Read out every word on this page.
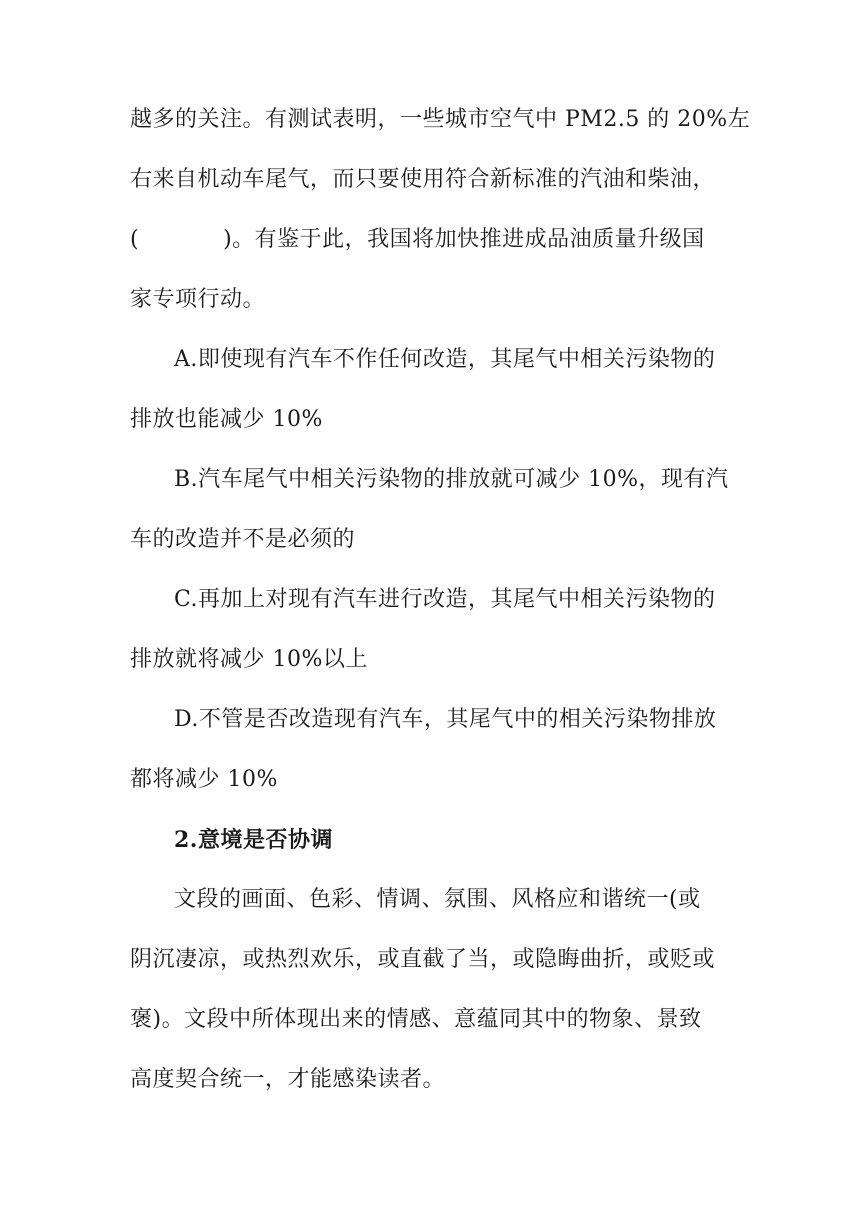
越多的关注。有测试表明，一些城市空气中 PM2.5 的 20%左
右来自机动车尾气，而只要使用符合新标准的汽油和柴油，
(	)。有鉴于此，我国将加快推进成品油质量升级国
家专项行动。
A.即使现有汽车不作任何改造，其尾气中相关污染物的
排放也能减少 10%
B.汽车尾气中相关污染物的排放就可减少 10%，现有汽
车的改造并不是必须的
C.再加上对现有汽车进行改造，其尾气中相关污染物的
排放就将减少 10%以上
D.不管是否改造现有汽车，其尾气中的相关污染物排放
都将减少 10%
2.意境是否协调
文段的画面、色彩、情调、氛围、风格应和谐统一(或
阴沉凄凉，或热烈欢乐，或直截了当，或隐晦曲折，或贬或
褒)。文段中所体现出来的情感、意蕴同其中的物象、景致
高度契合统一，才能感染读者。
